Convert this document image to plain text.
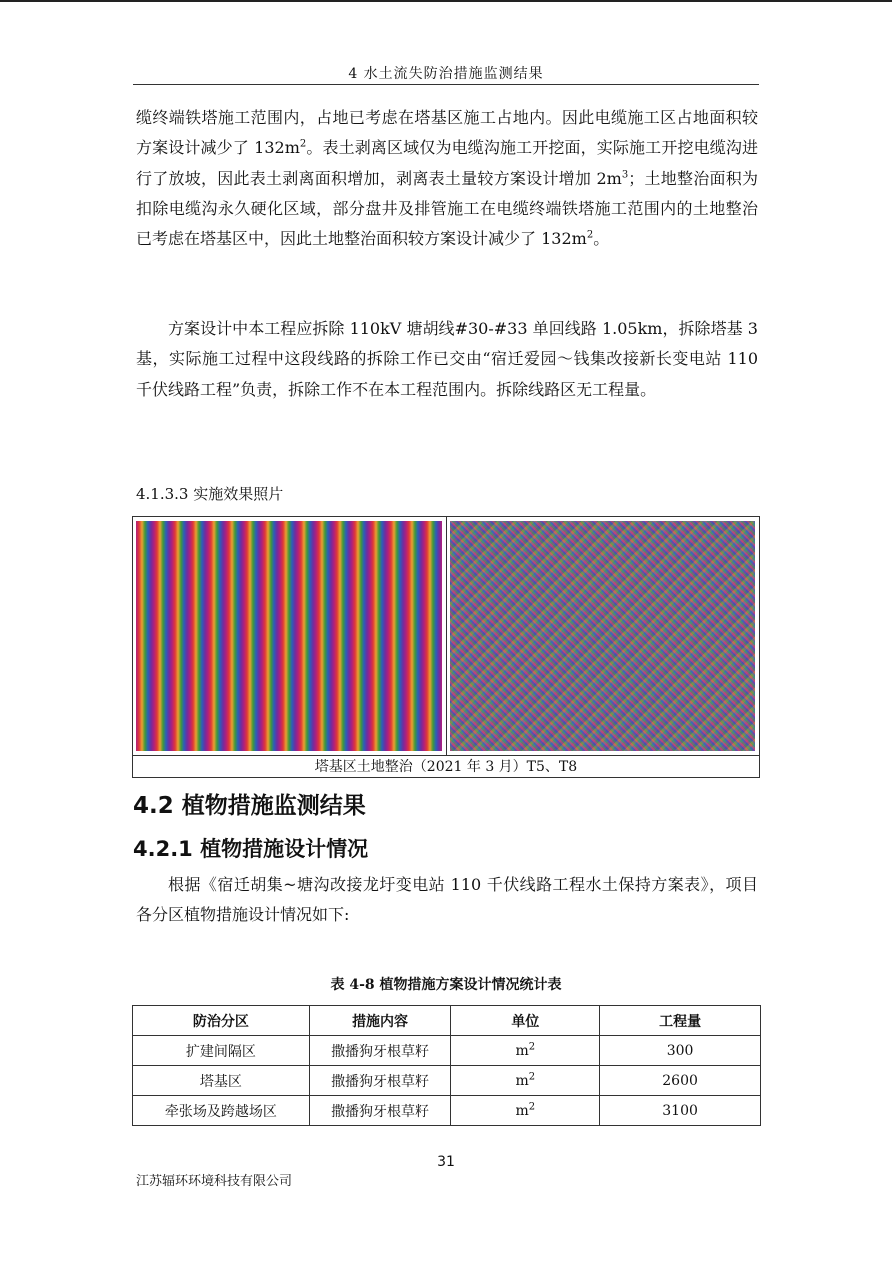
4 水土流失防治措施监测结果

缆终端铁塔施工范围内，占地已考虑在塔基区施工占地内。因此电缆施工区占地面积较方案设计减少了 $132m^2$。表土剥离区域仅为电缆沟施工开挖面，实际施工开挖电缆沟进行了放坡，因此表土剥离面积增加，剥离表土量较方案设计增加 $2m^3$；土地整治面积为扣除电缆沟永久硬化区域，部分盘井及排管施工在电缆终端铁塔施工范围内的土地整治已考虑在塔基区中，因此土地整治面积较方案设计减少了 $132m^2$。

方案设计中本工程应拆除 110kV 塘胡线#30-#33 单回线路 1.05km，拆除塔基 3 基，实际施工过程中这段线路的拆除工作已交由“宿迁爱园～钱集改接新长变电站 110 千伏线路工程”负责，拆除工作不在本工程范围内。拆除线路区无工程量。

4.1.3.3 实施效果照片
塔基区土地整治（2021 年 3 月）T5、T8
4.2 植物措施监测结果
4.2.1 植物措施设计情况

根据《宿迁胡集~塘沟改接龙圩变电站 110 千伏线路工程水土保持方案表》，项目各分区植物措施设计情况如下:

表 4-8 植物措施方案设计情况统计表
防治分区	措施内容	单位	工程量
扩建间隔区	撒播狗牙根草籽	$m^2$	300
塔基区	撒播狗牙根草籽	$m^2$	2600
牵张场及跨越场区	撒播狗牙根草籽	$m^2$	3100
31
江苏辐环环境科技有限公司
